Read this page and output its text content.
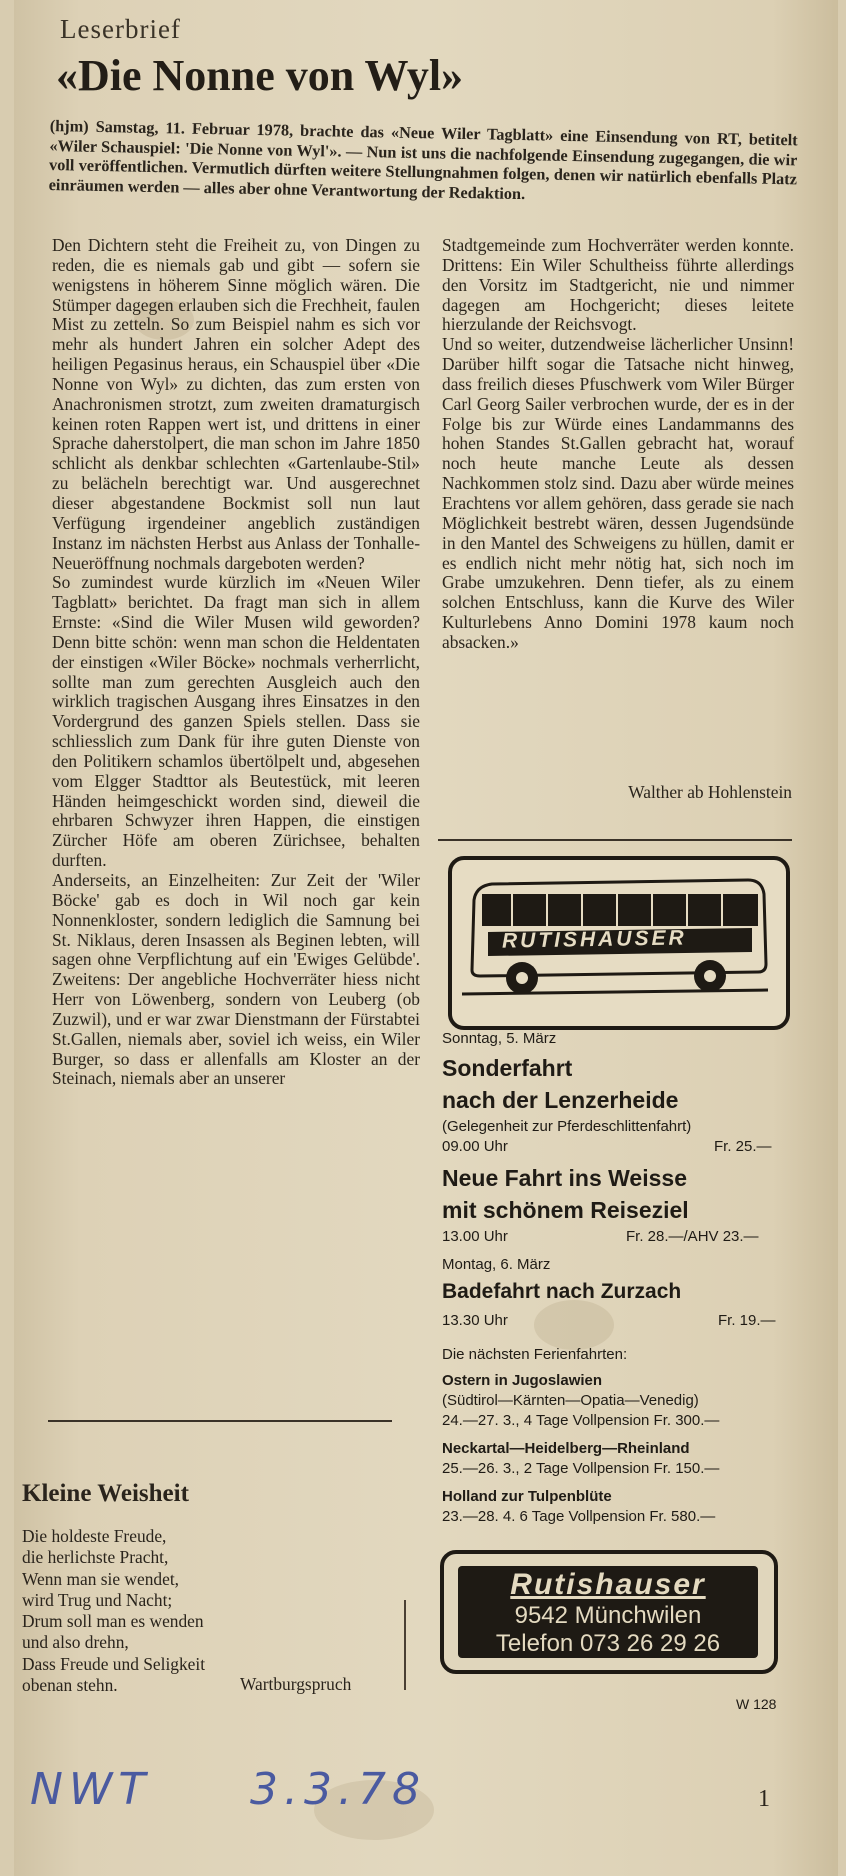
Leserbrief
«Die Nonne von Wyl»
(hjm) Samstag, 11. Februar 1978, brachte das «Neue Wiler Tagblatt» eine Einsendung von RT, betitelt «Wiler Schauspiel: 'Die Nonne von Wyl'». — Nun ist uns die nachfolgende Einsendung zugegangen, die wir voll veröffentlichen. Vermutlich dürften weitere Stellungnahmen folgen, denen wir natürlich ebenfalls Platz einräumen werden — alles aber ohne Verantwortung der Redaktion.
Den Dichtern steht die Freiheit zu, von Dingen zu reden, die es niemals gab und gibt — sofern sie wenigstens in höherem Sinne möglich wären. Die Stümper dagegen erlauben sich die Frechheit, faulen Mist zu zetteln. So zum Beispiel nahm es sich vor mehr als hundert Jahren ein solcher Adept des heiligen Pegasinus heraus, ein Schauspiel über «Die Nonne von Wyl» zu dichten, das zum ersten von Anachronismen strotzt, zum zweiten dramaturgisch keinen roten Rappen wert ist, und drittens in einer Sprache daherstolpert, die man schon im Jahre 1850 schlicht als denkbar schlechten «Gartenlaube-Stil» zu belächeln berechtigt war. Und ausgerechnet dieser abgestandene Bockmist soll nun laut Verfügung irgendeiner angeblich zuständigen Instanz im nächsten Herbst aus Anlass der Tonhalle-Neueröffnung nochmals dargeboten werden?
So zumindest wurde kürzlich im «Neuen Wiler Tagblatt» berichtet. Da fragt man sich in allem Ernste: «Sind die Wiler Musen wild geworden? Denn bitte schön: wenn man schon die Heldentaten der einstigen «Wiler Böcke» nochmals verherrlicht, sollte man zum gerechten Ausgleich auch den wirklich tragischen Ausgang ihres Einsatzes in den Vordergrund des ganzen Spiels stellen. Dass sie schliesslich zum Dank für ihre guten Dienste von den Politikern schamlos übertölpelt und, abgesehen vom Elgger Stadttor als Beutestück, mit leeren Händen heimgeschickt worden sind, dieweil die ehrbaren Schwyzer ihren Happen, die einstigen Zürcher Höfe am oberen Zürichsee, behalten durften.
Anderseits, an Einzelheiten: Zur Zeit der 'Wiler Böcke' gab es doch in Wil noch gar kein Nonnenkloster, sondern lediglich die Samnung bei St. Niklaus, deren Insassen als Beginen lebten, will sagen ohne Verpflichtung auf ein 'Ewiges Gelübde'. Zweitens: Der angebliche Hochverräter hiess nicht Herr von Löwenberg, sondern von Leuberg (ob Zuzwil), und er war zwar Dienstmann der Fürstabtei St.Gallen, niemals aber, soviel ich weiss, ein Wiler Burger, so dass er allenfalls am Kloster an der Steinach, niemals aber an unserer
Stadtgemeinde zum Hochverräter werden konnte. Drittens: Ein Wiler Schultheiss führte allerdings den Vorsitz im Stadtgericht, nie und nimmer dagegen am Hochgericht; dieses leitete hierzulande der Reichsvogt.
Und so weiter, dutzendweise lächerlicher Unsinn! Darüber hilft sogar die Tatsache nicht hinweg, dass freilich dieses Pfuschwerk vom Wiler Bürger Carl Georg Sailer verbrochen wurde, der es in der Folge bis zur Würde eines Landammanns des hohen Standes St.Gallen gebracht hat, worauf noch heute manche Leute als dessen Nachkommen stolz sind. Dazu aber würde meines Erachtens vor allem gehören, dass gerade sie nach Möglichkeit bestrebt wären, dessen Jugendsünde in den Mantel des Schweigens zu hüllen, damit er es endlich nicht mehr nötig hat, sich noch im Grabe umzukehren. Denn tiefer, als zu einem solchen Entschluss, kann die Kurve des Wiler Kulturlebens Anno Domini 1978 kaum noch absacken.»
Walther ab Hohlenstein
Kleine Weisheit
Die holdeste Freude,
die herlichste Pracht,
Wenn man sie wendet,
wird Trug und Nacht;
Drum soll man es wenden
und also drehn,
Dass Freude und Seligkeit
obenan stehn.	Wartburgspruch
RUTISHAUSER
Sonntag, 5. März
Sonderfahrt
nach der Lenzerheide
(Gelegenheit zur Pferdeschlittenfahrt)
09.00 Uhr	Fr. 25.—
Neue Fahrt ins Weisse
mit schönem Reiseziel
13.00 Uhr	Fr. 28.—/AHV 23.—
Montag, 6. März
Badefahrt nach Zurzach
13.30 Uhr	Fr. 19.—
Die nächsten Ferienfahrten:
Ostern in Jugoslawien
(Südtirol—Kärnten—Opatia—Venedig)
24.—27. 3., 4 Tage Vollpension Fr. 300.—
Neckartal—Heidelberg—Rheinland
25.—26. 3., 2 Tage Vollpension Fr. 150.—
Holland zur Tulpenblüte
23.—28. 4. 6 Tage Vollpension Fr. 580.—
Rutishauser
9542 Münchwilen
Telefon 073 26 29 26
W 128
NWT 3.3.78	1
